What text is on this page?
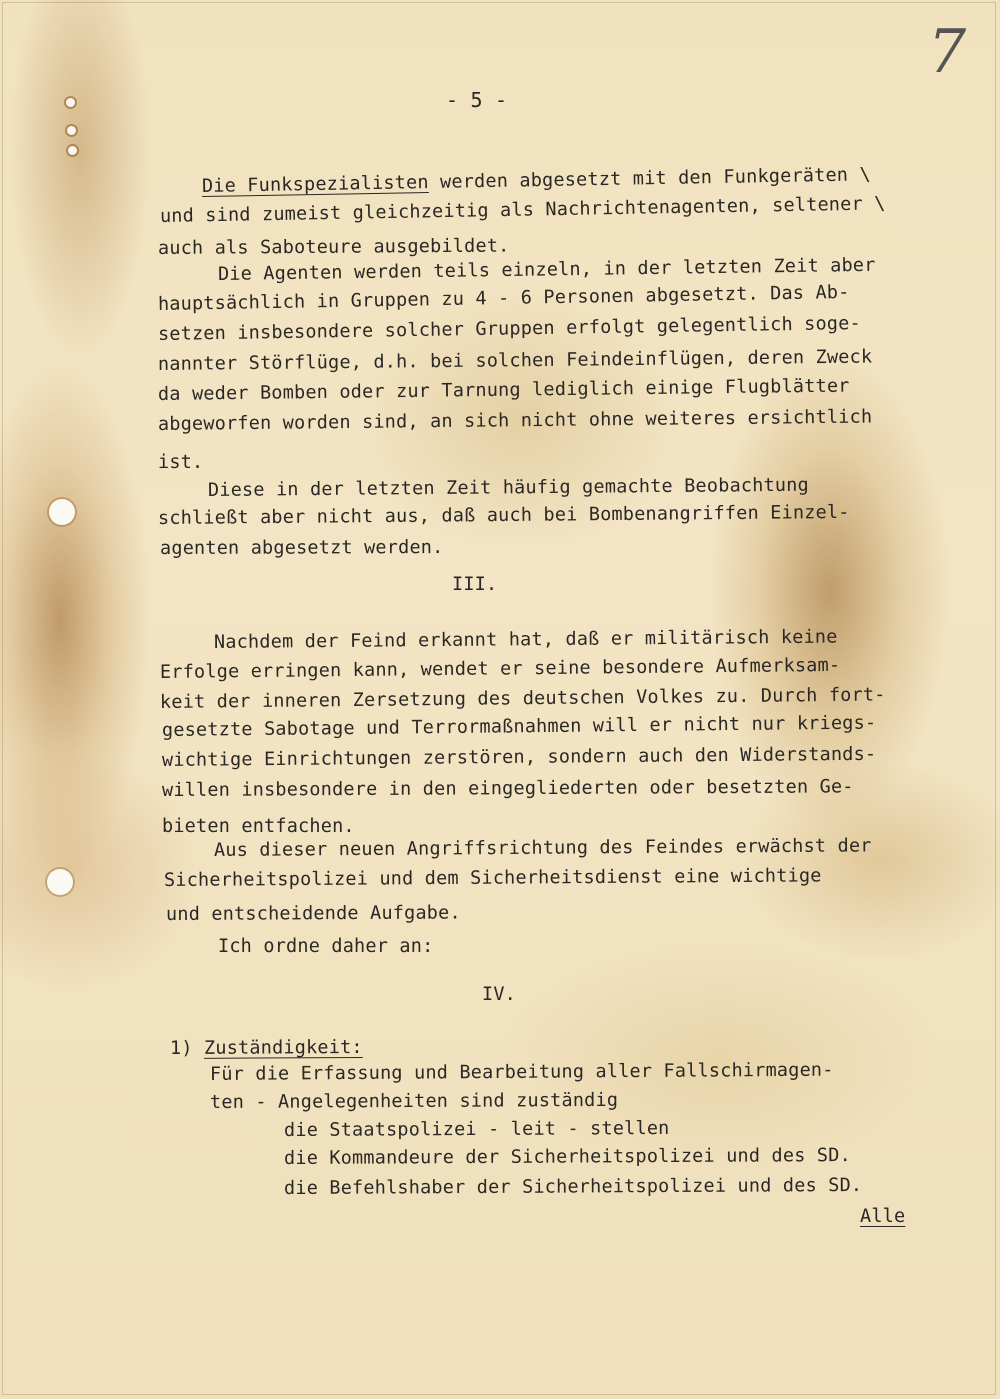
7
- 5 -
Die Funkspezialisten werden abgesetzt mit den Funkgeräten \
und sind zumeist gleichzeitig als Nachrichtenagenten, seltener \
auch als Saboteure ausgebildet.
Die Agenten werden teils einzeln, in der letzten Zeit aber
hauptsächlich in Gruppen zu 4 - 6 Personen abgesetzt. Das Ab-
setzen insbesondere solcher Gruppen erfolgt gelegentlich soge-
nannter Störflüge, d.h. bei solchen Feindeinflügen, deren Zweck
da weder Bomben oder zur Tarnung lediglich einige Flugblätter
abgeworfen worden sind, an sich nicht ohne weiteres ersichtlich
ist.
Diese in der letzten Zeit häufig gemachte Beobachtung
schließt aber nicht aus, daß auch bei Bombenangriffen Einzel-
agenten abgesetzt werden.
III.
Nachdem der Feind erkannt hat, daß er militärisch keine
Erfolge erringen kann, wendet er seine besondere Aufmerksam-
keit der inneren Zersetzung des deutschen Volkes zu. Durch fort-
gesetzte Sabotage und Terrormaßnahmen will er nicht nur kriegs-
wichtige Einrichtungen zerstören, sondern auch den Widerstands-
willen insbesondere in den eingegliederten oder besetzten Ge-
bieten entfachen.
Aus dieser neuen Angriffsrichtung des Feindes erwächst der
Sicherheitspolizei und dem Sicherheitsdienst eine wichtige
und entscheidende Aufgabe.
Ich ordne daher an:
IV.
1) Zuständigkeit:
Für die Erfassung und Bearbeitung aller Fallschirmagen-
ten - Angelegenheiten sind zuständig
die Staatspolizei - leit - stellen
die Kommandeure der Sicherheitspolizei und des SD.
die Befehlshaber der Sicherheitspolizei und des SD.
Alle
